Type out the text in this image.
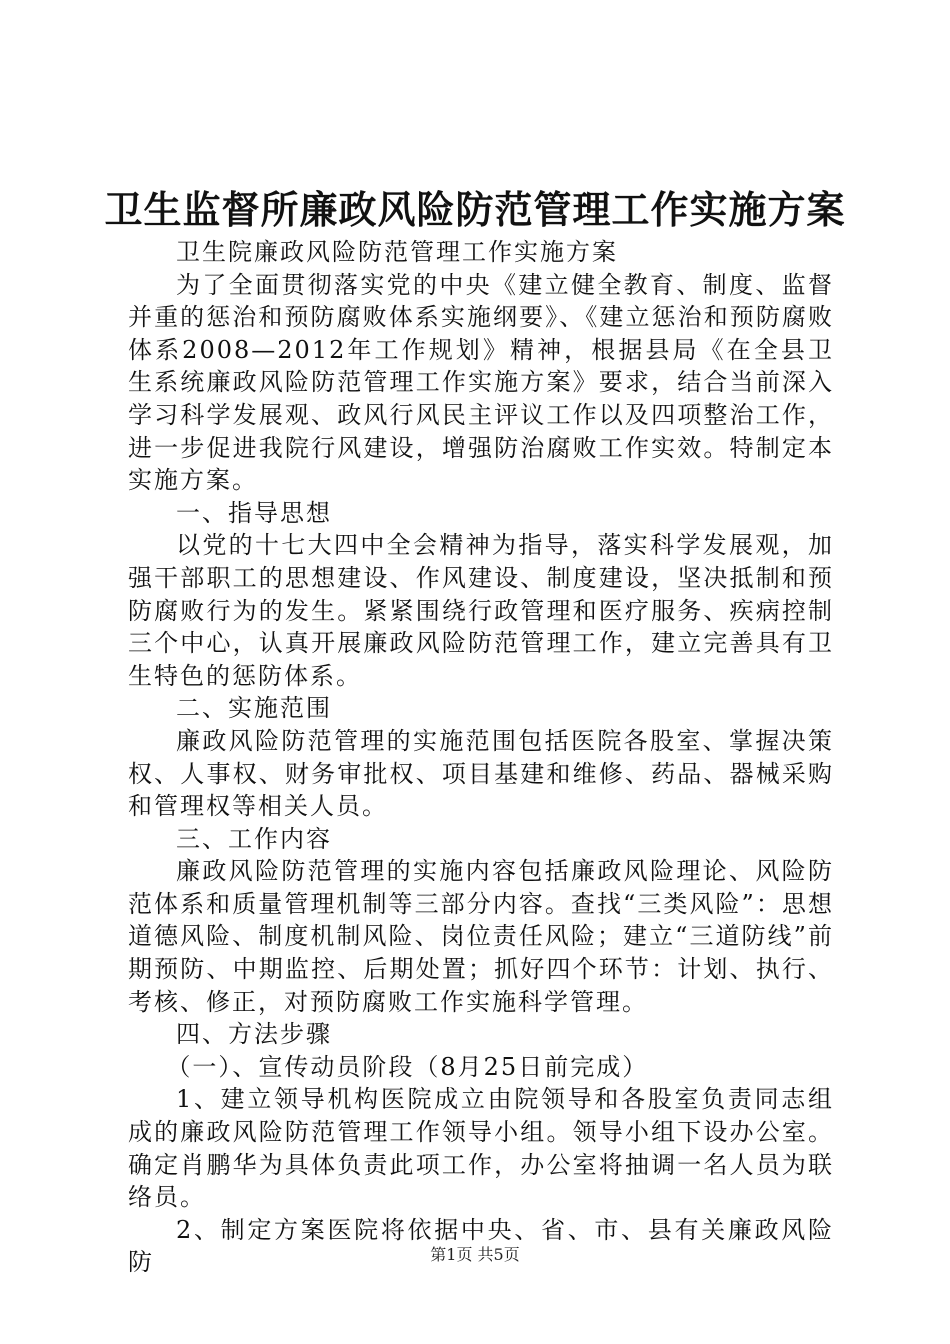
卫生监督所廉政风险防范管理工作实施方案

卫生院廉政风险防范管理工作实施方案

为了全面贯彻落实党的中央《建立健全教育、制度、监督并重的惩治和预防腐败体系实施纲要》、《建立惩治和预防腐败体系2008—2012年工作规划》精神，根据县局《在全县卫生系统廉政风险防范管理工作实施方案》要求，结合当前深入学习科学发展观、政风行风民主评议工作以及四项整治工作，进一步促进我院行风建设，增强防治腐败工作实效。特制定本实施方案。

一、指导思想

以党的十七大四中全会精神为指导，落实科学发展观，加强干部职工的思想建设、作风建设、制度建设，坚决抵制和预防腐败行为的发生。紧紧围绕行政管理和医疗服务、疾病控制三个中心，认真开展廉政风险防范管理工作，建立完善具有卫生特色的惩防体系。

二、实施范围

廉政风险防范管理的实施范围包括医院各股室、掌握决策权、人事权、财务审批权、项目基建和维修、药品、器械采购和管理权等相关人员。

三、工作内容

廉政风险防范管理的实施内容包括廉政风险理论、风险防范体系和质量管理机制等三部分内容。查找“三类风险”：思想道德风险、制度机制风险、岗位责任风险；建立“三道防线”前期预防、中期监控、后期处置；抓好四个环节：计划、执行、考核、修正，对预防腐败工作实施科学管理。

四、方法步骤

（一）、宣传动员阶段（8月25日前完成）

1、建立领导机构医院成立由院领导和各股室负责同志组成的廉政风险防范管理工作领导小组。领导小组下设办公室。确定肖鹏华为具体负责此项工作，办公室将抽调一名人员为联络员。

2、制定方案医院将依据中央、省、市、县有关廉政风险防	第1页 共5页
